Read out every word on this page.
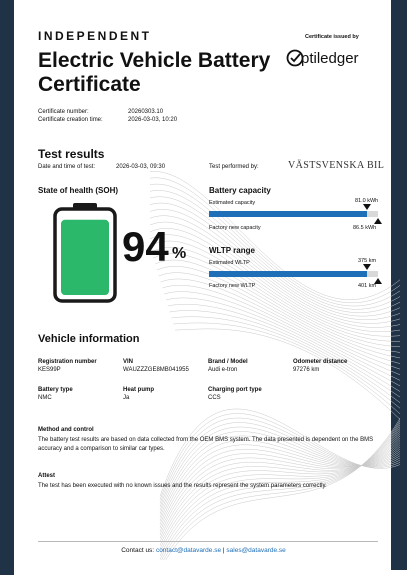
INDEPENDENT
Electric Vehicle Battery Certificate
Certificate issued by
ptiledger
Certificate number:	20260303.10
Certificate creation time:	2026-03-03, 10:20
Test results
Date and time of test:	2026-03-03, 09:30	Test performed by:	VÄSTSVENSKA BIL
State of health (SOH)
94 %
Battery capacity
Estimated capacity	81.0 kWh
Factory new capacity	86.5 kWh
WLTP range
Estimated WLTP	375 km
Factory new WLTP	401 km
Vehicle information
Registration number
KES99P
VIN
WAUZZZGE8MB041955
Brand / Model
Audi e-tron
Odometer distance
97276 km
Battery type
NMC
Heat pump
Ja
Charging port type
CCS
Method and control
The battery test results are based on data collected from the OEM BMS system. The data presented is dependent on the BMS accuracy and a comparison to similar car types.
Attest
The test has been executed with no known issues and the results represent the system parameters correctly.
Contact us: contact@datavarde.se | sales@datavarde.se
